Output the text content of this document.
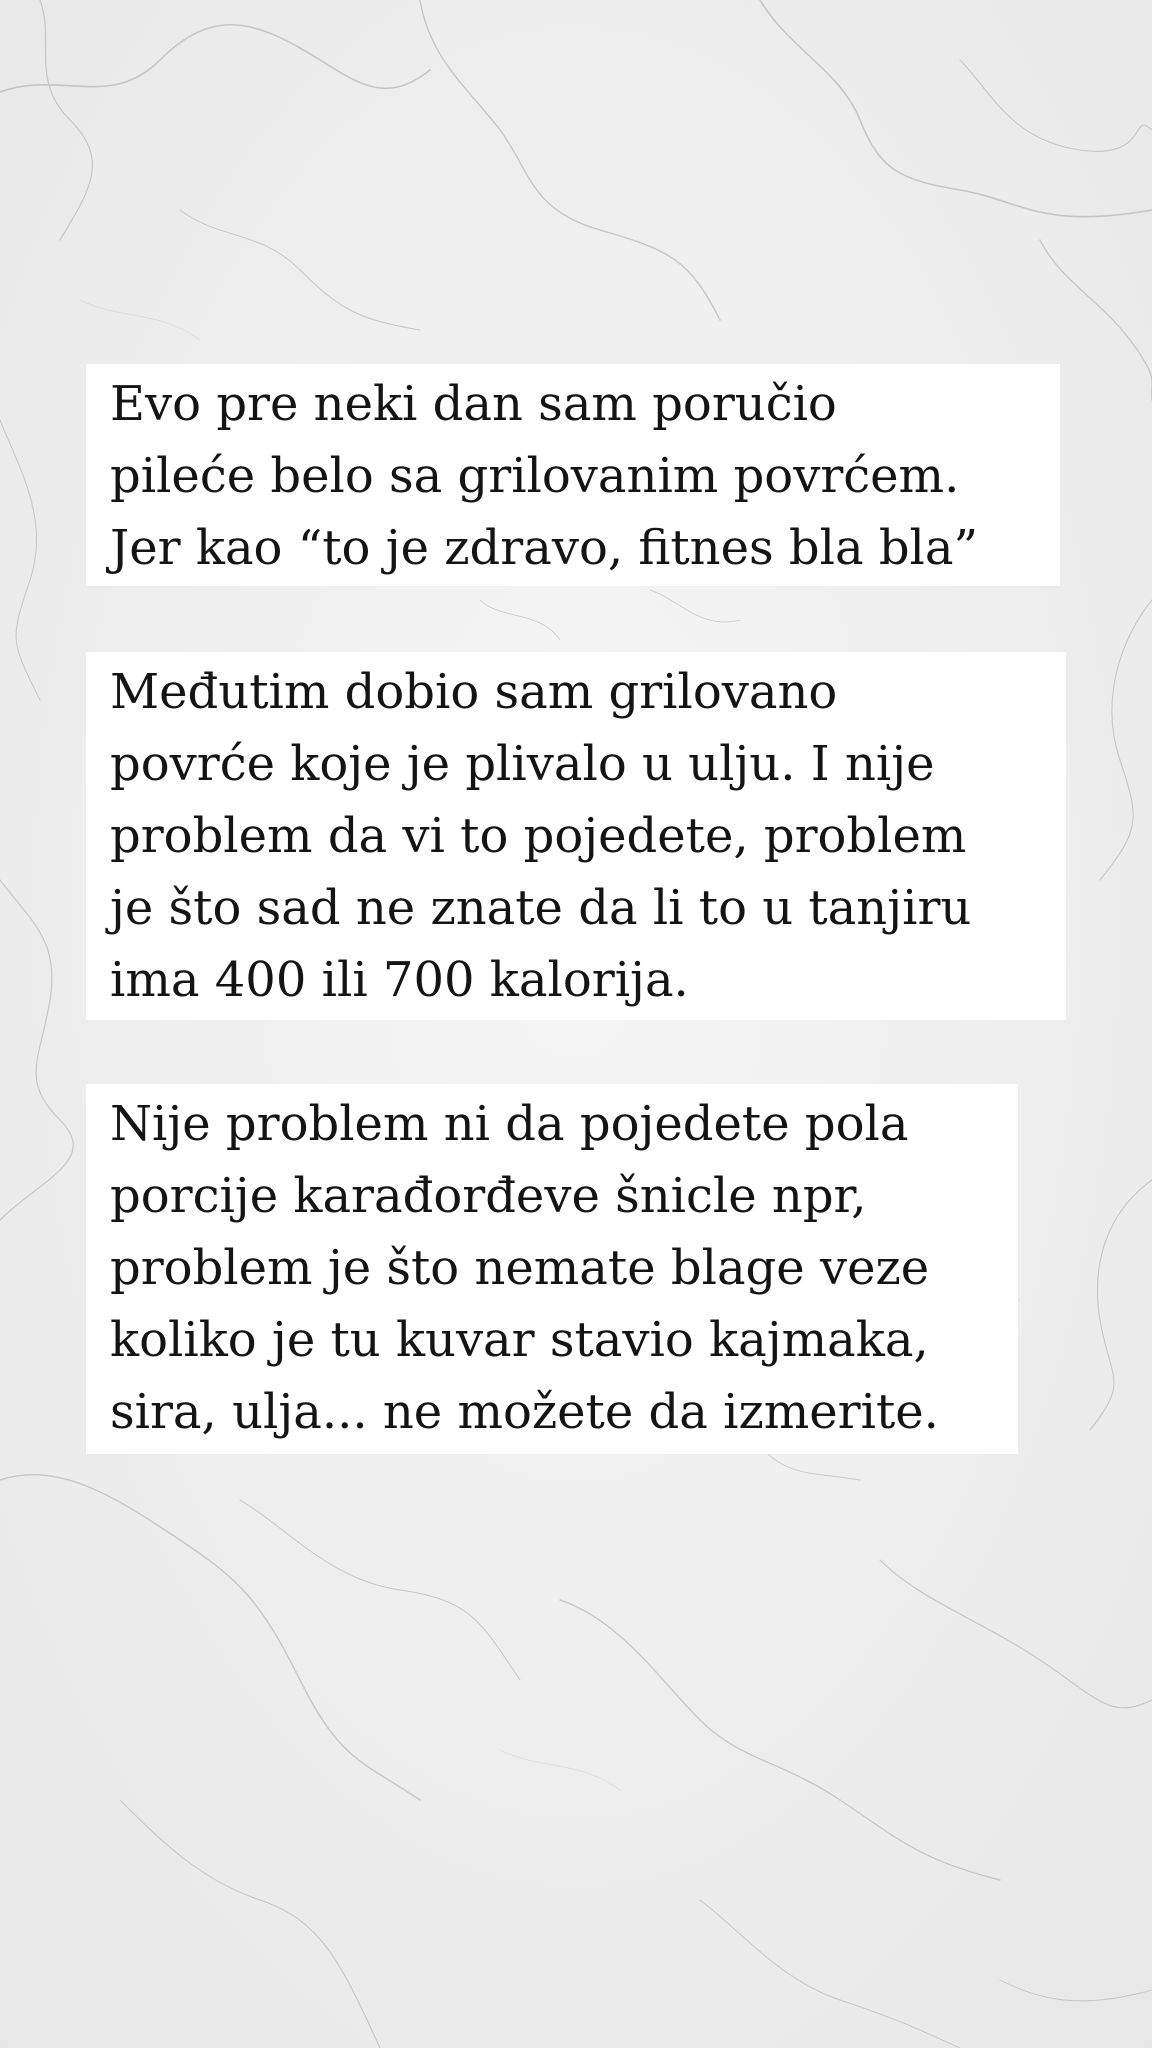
Evo pre neki dan sam poručio
pileće belo sa grilovanim povrćem.
Jer kao “to je zdravo, fitnes bla bla”
Međutim dobio sam grilovano
povrće koje je plivalo u ulju. I nije
problem da vi to pojedete, problem
je što sad ne znate da li to u tanjiru
ima 400 ili 700 kalorija.
Nije problem ni da pojedete pola
porcije karađorđeve šnicle npr,
problem je što nemate blage veze
koliko je tu kuvar stavio kajmaka,
sira, ulja... ne možete da izmerite.
